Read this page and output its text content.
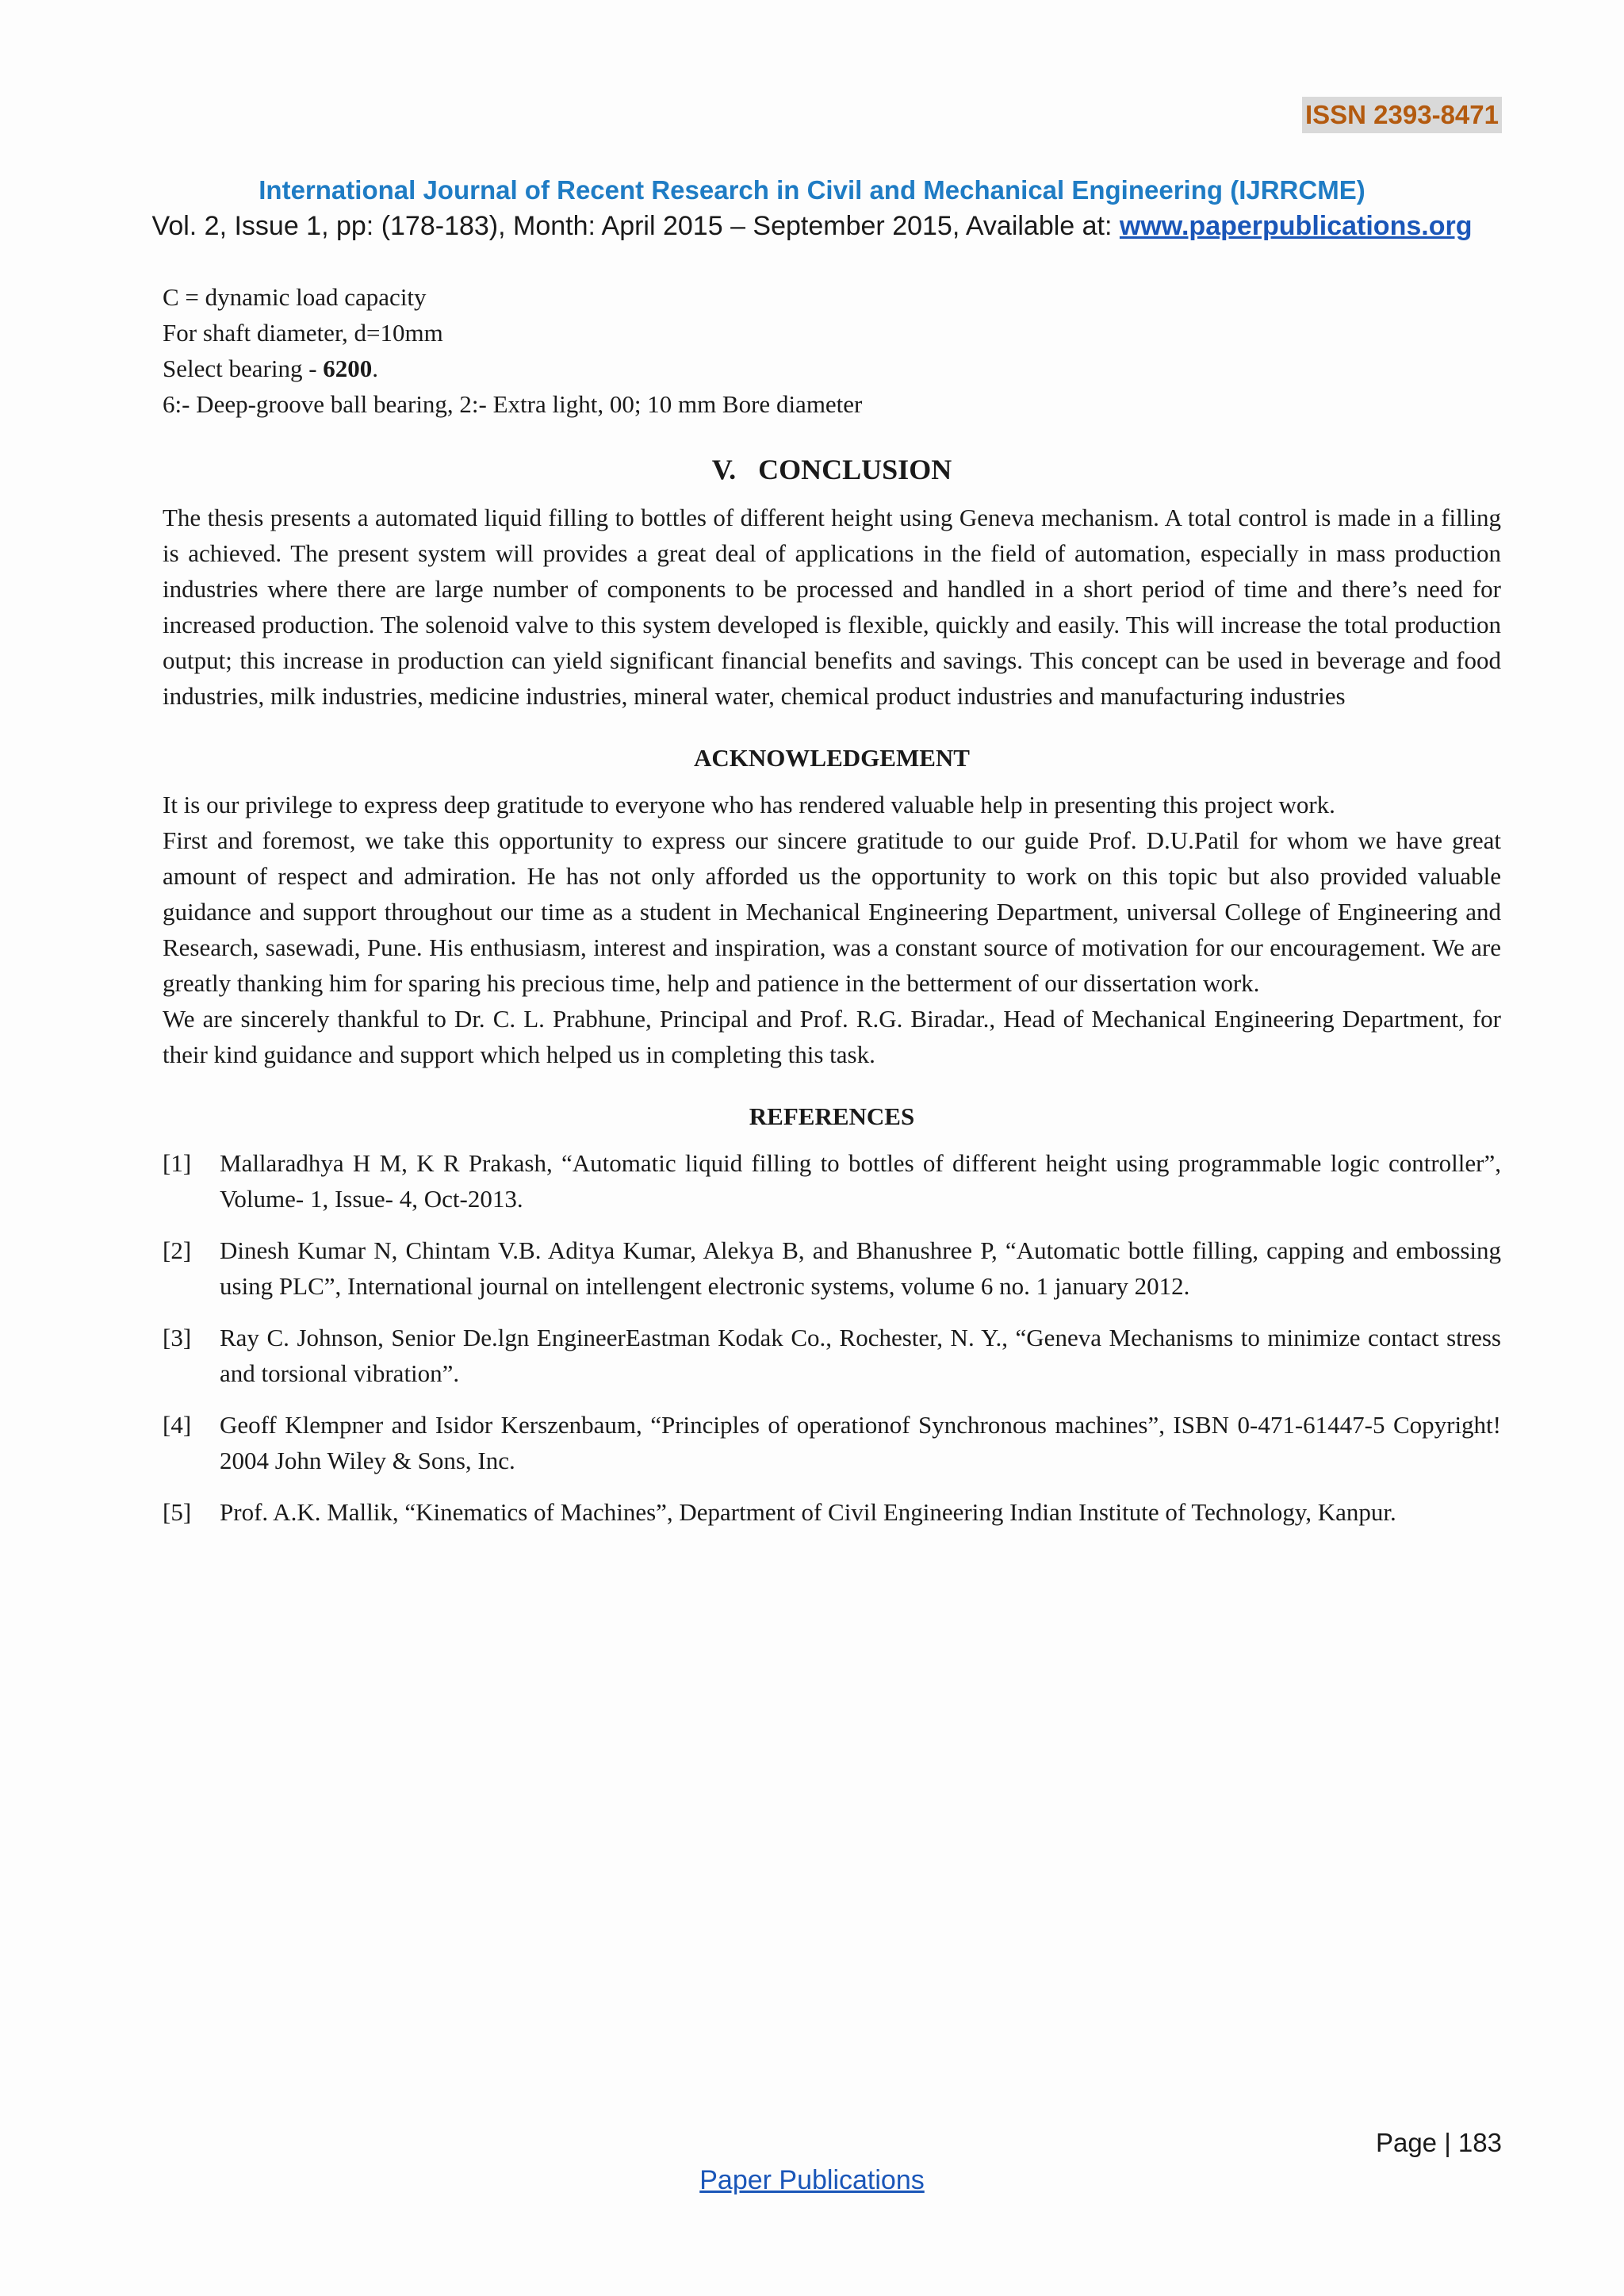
ISSN 2393-8471
International Journal of Recent Research in Civil and Mechanical Engineering (IJRRCME)
Vol. 2, Issue 1, pp: (178-183), Month: April 2015 – September 2015, Available at: www.paperpublications.org

C = dynamic load capacity

For shaft diameter, d=10mm

Select bearing - 6200.

6:- Deep-groove ball bearing, 2:- Extra light, 00; 10 mm Bore diameter

V. CONCLUSION

The thesis presents a automated liquid filling to bottles of different height using Geneva mechanism. A total control is made in a filling is achieved. The present system will provides a great deal of applications in the field of automation, especially in mass production industries where there are large number of components to be processed and handled in a short period of time and there’s need for increased production. The solenoid valve to this system developed is flexible, quickly and easily. This will increase the total production output; this increase in production can yield significant financial benefits and savings. This concept can be used in beverage and food industries, milk industries, medicine industries, mineral water, chemical product industries and manufacturing industries

ACKNOWLEDGEMENT

It is our privilege to express deep gratitude to everyone who has rendered valuable help in presenting this project work.

First and foremost, we take this opportunity to express our sincere gratitude to our guide Prof. D.U.Patil for whom we have great amount of respect and admiration. He has not only afforded us the opportunity to work on this topic but also provided valuable guidance and support throughout our time as a student in Mechanical Engineering Department, universal College of Engineering and Research, sasewadi, Pune. His enthusiasm, interest and inspiration, was a constant source of motivation for our encouragement. We are greatly thanking him for sparing his precious time, help and patience in the betterment of our dissertation work.

We are sincerely thankful to Dr. C. L. Prabhune, Principal and Prof. R.G. Biradar., Head of Mechanical Engineering Department, for their kind guidance and support which helped us in completing this task.

REFERENCES
[1]	Mallaradhya H M, K R Prakash, “Automatic liquid filling to bottles of different height using programmable logic controller”, Volume- 1, Issue- 4, Oct-2013.
[2]	Dinesh Kumar N, Chintam V.B. Aditya Kumar, Alekya B, and Bhanushree P, “Automatic bottle filling, capping and embossing using PLC”, International journal on intellengent electronic systems, volume 6 no. 1 january 2012.
[3]	Ray C. Johnson, Senior De.lgn EngineerEastman Kodak Co., Rochester, N. Y., “Geneva Mechanisms to minimize contact stress and torsional vibration”.
[4]	Geoff Klempner and Isidor Kerszenbaum, “Principles of operationof Synchronous machines”, ISBN 0-471-61447-5 Copyright! 2004 John Wiley & Sons, Inc.
[5]	Prof. A.K. Mallik, “Kinematics of Machines”, Department of Civil Engineering Indian Institute of Technology, Kanpur.
Page | 183
Paper Publications
